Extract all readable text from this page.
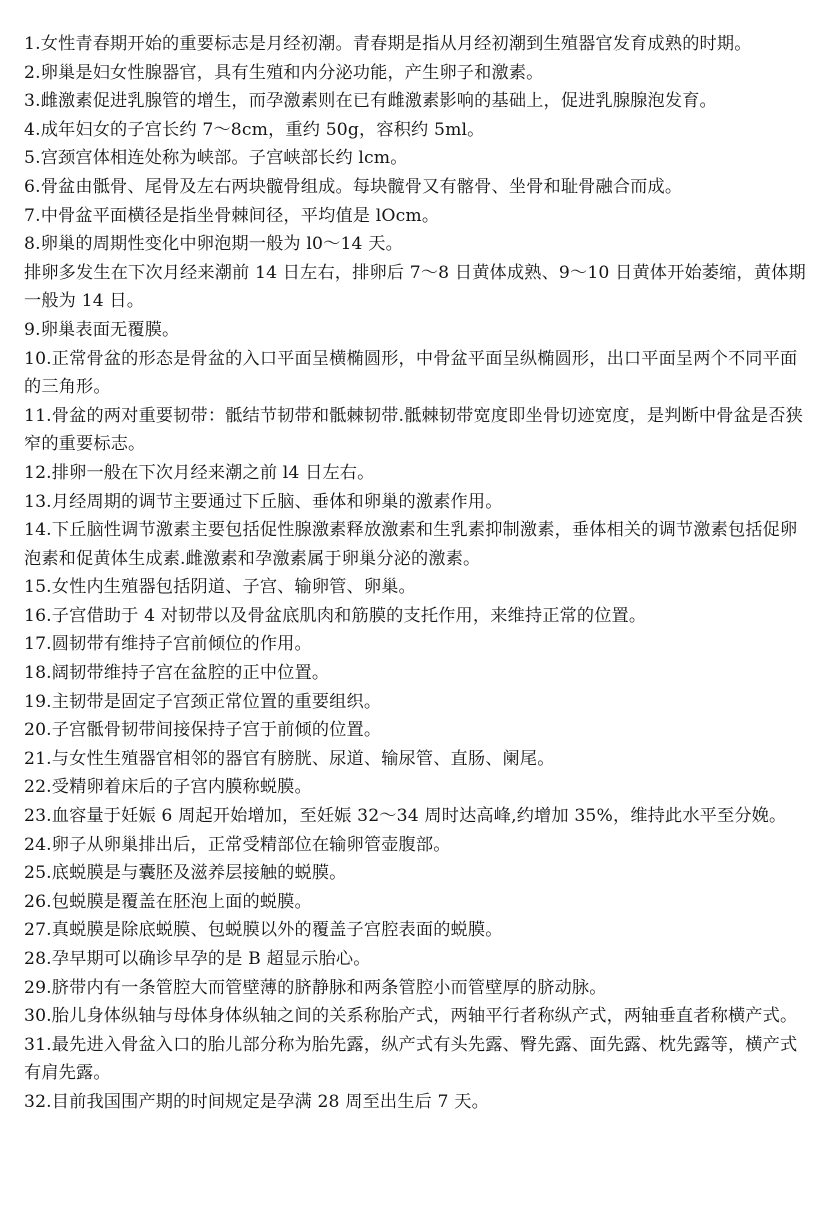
1.女性青春期开始的重要标志是月经初潮。青春期是指从月经初潮到生殖器官发育成熟的时期。

2.卵巢是妇女性腺器官，具有生殖和内分泌功能，产生卵子和激素。

3.雌激素促进乳腺管的增生，而孕激素则在已有雌激素影响的基础上，促进乳腺腺泡发育。

4.成年妇女的子宫长约 7～8cm，重约 50g，容积约 5ml。

5.宫颈宫体相连处称为峡部。子宫峡部长约 lcm。

6.骨盆由骶骨、尾骨及左右两块髋骨组成。每块髋骨又有髂骨、坐骨和耻骨融合而成。

7.中骨盆平面横径是指坐骨棘间径，平均值是 lOcm。

8.卵巢的周期性变化中卵泡期一般为 l0～14 天。

排卵多发生在下次月经来潮前 14 日左右，排卵后 7～8 日黄体成熟、9～10 日黄体开始萎缩，黄体期一般为 14 日。

9.卵巢表面无覆膜。

10.正常骨盆的形态是骨盆的入口平面呈横椭圆形，中骨盆平面呈纵椭圆形，出口平面呈两个不同平面的三角形。

11.骨盆的两对重要韧带：骶结节韧带和骶棘韧带.骶棘韧带宽度即坐骨切迹宽度，是判断中骨盆是否狭窄的重要标志。

12.排卵一般在下次月经来潮之前 l4 日左右。

13.月经周期的调节主要通过下丘脑、垂体和卵巢的激素作用。

14.下丘脑性调节激素主要包括促性腺激素释放激素和生乳素抑制激素，垂体相关的调节激素包括促卵泡素和促黄体生成素.雌激素和孕激素属于卵巢分泌的激素。

15.女性内生殖器包括阴道、子宫、输卵管、卵巢。

16.子宫借助于 4 对韧带以及骨盆底肌肉和筋膜的支托作用，来维持正常的位置。

17.圆韧带有维持子宫前倾位的作用。

18.阔韧带维持子宫在盆腔的正中位置。

19.主韧带是固定子宫颈正常位置的重要组织。

20.子宫骶骨韧带间接保持子宫于前倾的位置。

21.与女性生殖器官相邻的器官有膀胱、尿道、输尿管、直肠、阑尾。

22.受精卵着床后的子宫内膜称蜕膜。

23.血容量于妊娠 6 周起开始增加，至妊娠 32～34 周时达高峰,约增加 35%，维持此水平至分娩。

24.卵子从卵巢排出后，正常受精部位在输卵管壶腹部。

25.底蜕膜是与囊胚及滋养层接触的蜕膜。

26.包蜕膜是覆盖在胚泡上面的蜕膜。

27.真蜕膜是除底蜕膜、包蜕膜以外的覆盖子宫腔表面的蜕膜。

28.孕早期可以确诊早孕的是 B 超显示胎心。

29.脐带内有一条管腔大而管壁薄的脐静脉和两条管腔小而管壁厚的脐动脉。

30.胎儿身体纵轴与母体身体纵轴之间的关系称胎产式，两轴平行者称纵产式，两轴垂直者称横产式。

31.最先进入骨盆入口的胎儿部分称为胎先露，纵产式有头先露、臀先露、面先露、枕先露等，横产式有肩先露。

32.目前我国围产期的时间规定是孕满 28 周至出生后 7 天。
